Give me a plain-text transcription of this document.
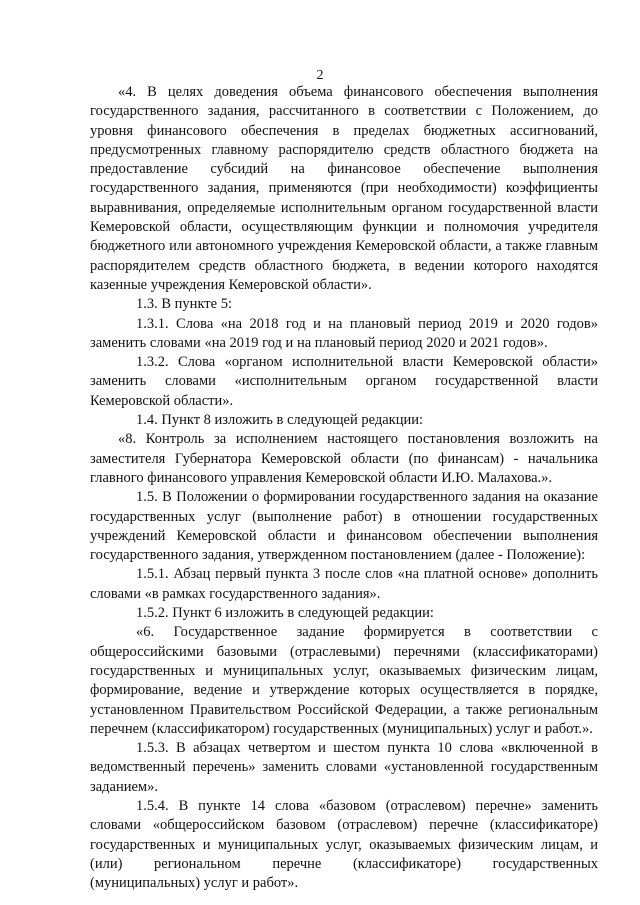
2

«4. В целях доведения объема финансового обеспечения выполнения государственного задания, рассчитанного в соответствии с Положением, до уровня финансового обеспечения в пределах бюджетных ассигнований, предусмотренных главному распорядителю средств областного бюджета на предоставление субсидий на финансовое обеспечение выполнения государственного задания, применяются (при необходимости) коэффициенты выравнивания, определяемые исполнительным органом государственной власти Кемеровской области, осуществляющим функции и полномочия учредителя бюджетного или автономного учреждения Кемеровской области, а также главным распорядителем средств областного бюджета, в ведении которого находятся казенные учреждения Кемеровской области».

1.3. В пункте 5:

1.3.1. Слова «на 2018 год и на плановый период 2019 и 2020 годов» заменить словами «на 2019 год и на плановый период 2020 и 2021 годов».

1.3.2. Слова «органом исполнительной власти Кемеровской области» заменить словами «исполнительным органом государственной власти Кемеровской области».

1.4. Пункт 8 изложить в следующей редакции:

«8. Контроль за исполнением настоящего постановления возложить на заместителя Губернатора Кемеровской области (по финансам) - начальника главного финансового управления Кемеровской области И.Ю. Малахова.».

1.5. В Положении о формировании государственного задания на оказание государственных услуг (выполнение работ) в отношении государственных учреждений Кемеровской области и финансовом обеспечении выполнения государственного задания, утвержденном постановлением (далее - Положение):

1.5.1. Абзац первый пункта 3 после слов «на платной основе» дополнить словами «в рамках государственного задания».

1.5.2. Пункт 6 изложить в следующей редакции:

«6. Государственное задание формируется в соответствии с общероссийскими базовыми (отраслевыми) перечнями (классификаторами) государственных и муниципальных услуг, оказываемых физическим лицам, формирование, ведение и утверждение которых осуществляется в порядке, установленном Правительством Российской Федерации, а также региональным перечнем (классификатором) государственных (муниципальных) услуг и работ.».

1.5.3. В абзацах четвертом и шестом пункта 10 слова «включенной в ведомственный перечень» заменить словами «установленной государственным заданием».

1.5.4. В пункте 14 слова «базовом (отраслевом) перечне» заменить словами «общероссийском базовом (отраслевом) перечне (классификаторе) государственных и муниципальных услуг, оказываемых физическим лицам, и (или) региональном перечне (классификаторе) государственных (муниципальных) услуг и работ».
